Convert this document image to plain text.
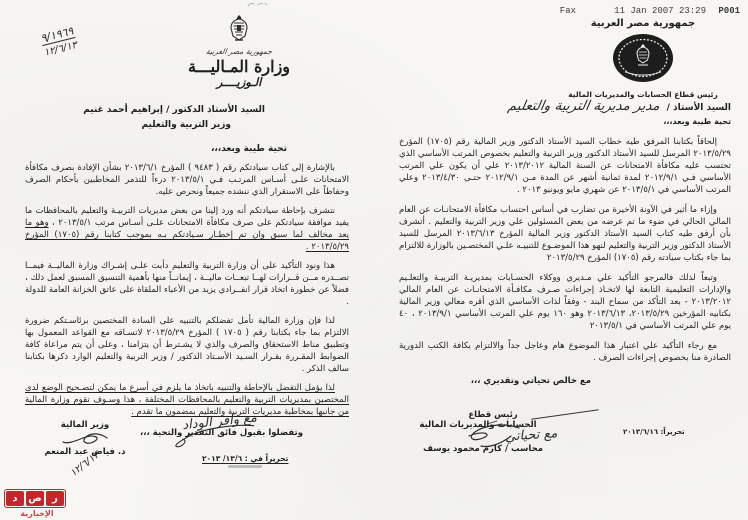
Fax	11 Jan 2007 23:29 P001
٩/١٩٦٩
١٢/٦/١٣	جمهورية مصر العربية
وزارة المـاليـــة
الـوزيــــر
السيد الأستاذ الدكتور / إبراهيم أحمد غنيم
وزير التربية والتعليم
تحية طيبة وبعد،،،

بالإشارة إلى كتاب سيادتكم رقم ( ٩٤٨٣ ) المؤرخ ٢٠١٣/٦/١ بشأن الإفادة بصرف مكافأة الامتحانات علـى أسـاس المرتـب فـي ٢٠١٣/٥/١ درءاً للتذمر المخاطبين بأحكام الصرف وحفاظاً على الاستقرار الذي ننشده جميعاً ونحرص عليه.

نتشرف بإحاطة سيادتكم أنه ورد إلينا من بعض مديريات التربيـة والتعليم بالمحافظات ما يفيد موافقة سيادتكم على صرف مكافأة الامتحانات علـى أسـاس مرتب ٢٠١٣/٥/١ ، وهو ما يعد مخالف لما سبق وان تم إخطـار سـيادتكم بـه بموجب كتابنا رقم (١٧٠٥) المؤرخ ٢٠١٣/٥/٢٩ .

هذا ونود التأكيد على أن وزارة التربية والتعليم دأبت علـى إشـراك وزارة الماليــة فيمــا تصــدره مــن قــرارات لهــا تبعــات ماليــة ، إيمانــاً منها بأهمية التنسيق المسبق لعمل ذلك ، فضلاً عن خطورة اتخاذ قرار انفــرادي يزيد من الأعباء الملقاة على عاتق الخزانة العامة للدولة .

لذا فإن وزارة المالية تأمل تفضلكم بالتنبيه على السادة المختصين برئاسـتكم ضرورة الالتزام بما جاء بكتابنا رقم ( ١٧٠٥ ) المؤرخ ٢٠١٣/٥/٢٩ لاتسـاقه مع القواعد المعمول بها وتطبيق مناط الاستحقاق والصرف والذي لا يشـترط أن يتزامنا ، وعلى أن يتم مراعاة كافة الضوابط المقـررة بقـرار السـيد الأسـتاذ الدكتور / وزير التربية والتعليم الوارد ذكرها بكتابنا سالف الذكر .

لذا يؤمل التفضل بالإحاطة والتنبيه باتخاذ ما يلزم في أسرع ما يمكن لتصـحيح الوضع لدى المختصين بمديريات التربية والتعليم بالمحافظات المختلفة ، هذا وسـوف تقوم وزارة المالية من جانبها بمخاطبة مديريات التربية والتعليم بمضمون ما تقدم .

وتفضلوا بقبول فائق التقدير والتحية ،،،
مع وافر الوداد
تحريراً في : ١٣/٦/ ٢٠١٣
وزير المالية
د. فياض عبد المنعم
١٢/٦/١٣
جمهورية مصر العربية
رئيس قطاع الحسابات والمديريات المالية
السيد الأستاذ / مدير مديرية التربية والتعليم
تحية طيبة وبعد،،،

إلحاقاً بكتابنا المرفق طيه خطاب السيد الأستاذ الدكتور وزير المالية رقم (١٧٠٥) المؤرخ ٢٠١٣/٥/٢٩ المرسل للسيد الأستاذ الدكتور وزير التربية والتعليم بخصوص المرتب الأساسي الذي تحتسب عليه مكافأة الامتحانات عن السنة المالية ٢٠١٣/٢٠١٢ علي أن يكون علي المرتب الأساسي فـي ٢٠١٢/٩/١ لمدة ثمانية أشهر عن المدة مـن ٢٠١٢/٩/١ حتـى ٢٠١٣/٤/٣٠ وعلي المرتب الأساسي في ٢٠١٣/٥/١ عن شهري مايو ويونيو ٢٠١٣ .

وإزاء ما أثير في الآونة الأخيرة من تضارب في أساس احتساب مكافأة الامتحانـات عن العام المالي الحالي في ضوء ما تم عرضه من بعض المسئولين علي وزير التربية والتعليم . أتشرف بأن أرفق طيه كتاب السيد الأستاذ الدكتور وزير المالية المؤرخ ٢٠١٣/٦/١٣ المرسل للسيد الأستاذ الدكتور وزير التربية والتعليم لنهو هذا الموضـوع للتنبيـه علـي المختصـين بالوزارة للالتزام بما جاء بكتاب سيادته رقم (١٧٠٥) المؤرخ ٢٠١٣/٥/٢٩

وتبعاً لذلك فالمرجو التأكيد علي مـديري ووكلاء الحسـابات بمديريـة التربيـة والتعلـيم والإدارات التعليمية التابعة لها لاتخـاذ إجراءات صـرف مكافـأة الامتحانـات عن العام المالي ٢٠١٣/٢٠١٢ - بعد التأكد من سماح البند - وفقاً لذات الأساسي الذي أقره معالي وزير المالية بكتابيه المؤرخين ٢٠١٣/٥/٢٩، ٢٠١٣/٦/١٣ وهو ١٦٠ يوم علي المرتب الأساسي ٢٠١٣/٩/١ ، ٤٠ يوم علي المرتب الأساسي في ٢٠١٣/٥/١

مع رجاء التأكيد علي اعتبار هذا الموضوع هام وعاجل جداً والالتزام بكافة الكتب الدورية الصادرة منا بخصوص إجراءات الصرف .

مع خالص تحياتي وتقديري ،،،
رئيس قطاع
الحسابات والمديريات المالية
محاسب / كارم محمود يوسف
مع تحياتي	تحريراً: ٢٠١٣/٦/١٦
ر
ص
د
الإخبارية
